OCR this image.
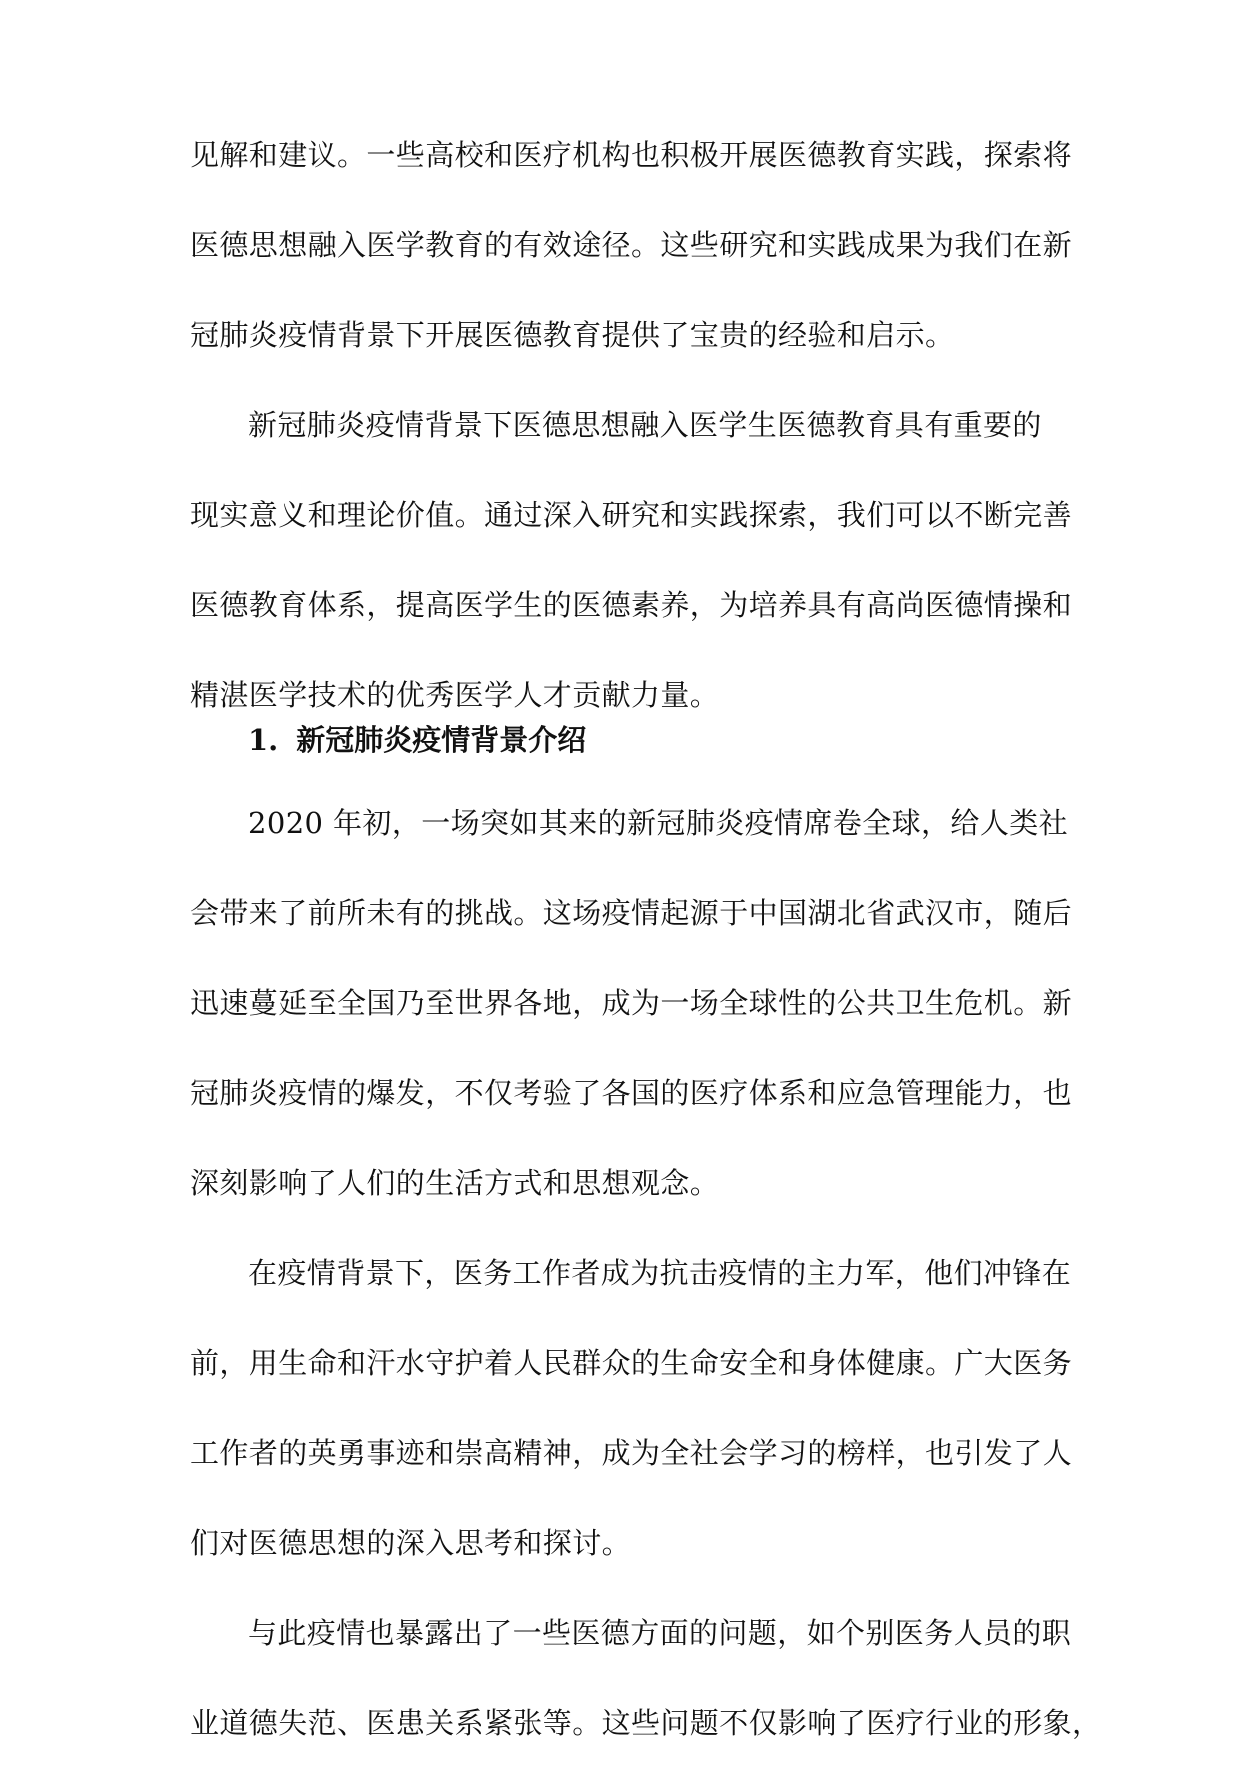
见解和建议。一些高校和医疗机构也积极开展医德教育实践，探索将
医德思想融入医学教育的有效途径。这些研究和实践成果为我们在新
冠肺炎疫情背景下开展医德教育提供了宝贵的经验和启示。
新冠肺炎疫情背景下医德思想融入医学生医德教育具有重要的
现实意义和理论价值。通过深入研究和实践探索，我们可以不断完善
医德教育体系，提高医学生的医德素养，为培养具有高尚医德情操和
精湛医学技术的优秀医学人才贡献力量。
1. 新冠肺炎疫情背景介绍
2020 年初，一场突如其来的新冠肺炎疫情席卷全球，给人类社
会带来了前所未有的挑战。这场疫情起源于中国湖北省武汉市，随后
迅速蔓延至全国乃至世界各地，成为一场全球性的公共卫生危机。新
冠肺炎疫情的爆发，不仅考验了各国的医疗体系和应急管理能力，也
深刻影响了人们的生活方式和思想观念。
在疫情背景下，医务工作者成为抗击疫情的主力军，他们冲锋在
前，用生命和汗水守护着人民群众的生命安全和身体健康。广大医务
工作者的英勇事迹和崇高精神，成为全社会学习的榜样，也引发了人
们对医德思想的深入思考和探讨。
与此疫情也暴露出了一些医德方面的问题，如个别医务人员的职
业道德失范、医患关系紧张等。这些问题不仅影响了医疗行业的形象，
